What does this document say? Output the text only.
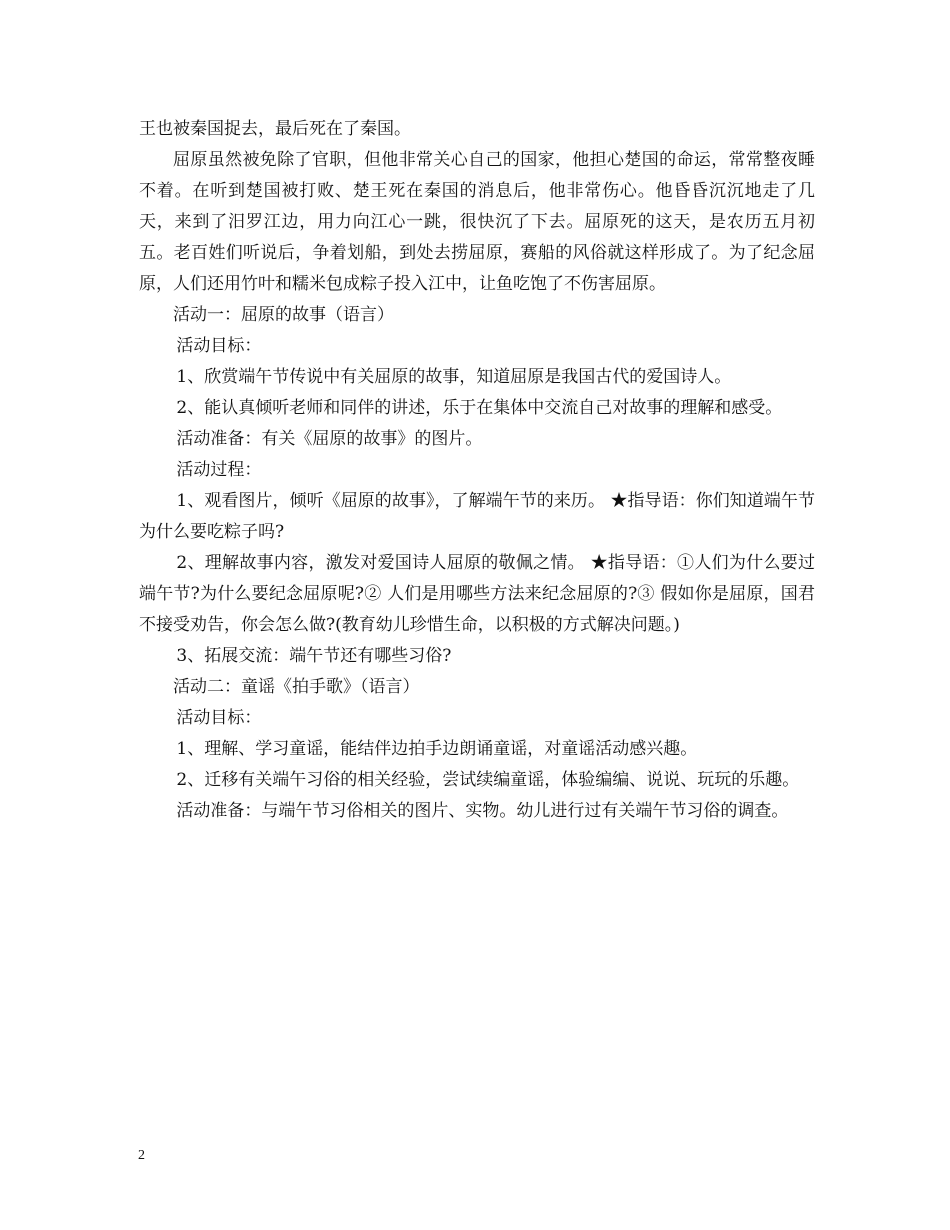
王也被秦国捉去，最后死在了秦国。

屈原虽然被免除了官职，但他非常关心自己的国家，他担心楚国的命运，常常整夜睡不着。在听到楚国被打败、楚王死在秦国的消息后，他非常伤心。他昏昏沉沉地走了几天，来到了汨罗江边，用力向江心一跳，很快沉了下去。屈原死的这天，是农历五月初五。老百姓们听说后，争着划船，到处去捞屈原，赛船的风俗就这样形成了。为了纪念屈原，人们还用竹叶和糯米包成粽子投入江中，让鱼吃饱了不伤害屈原。

活动一：屈原的故事（语言）

活动目标：

1、欣赏端午节传说中有关屈原的故事，知道屈原是我国古代的爱国诗人。

2、能认真倾听老师和同伴的讲述，乐于在集体中交流自己对故事的理解和感受。

活动准备：有关《屈原的故事》的图片。

活动过程：

1、观看图片，倾听《屈原的故事》，了解端午节的来历。 ★指导语：你们知道端午节为什么要吃粽子吗?

2、理解故事内容，激发对爱国诗人屈原的敬佩之情。 ★指导语：①人们为什么要过端午节?为什么要纪念屈原呢?② 人们是用哪些方法来纪念屈原的?③ 假如你是屈原，国君不接受劝告，你会怎么做?(教育幼儿珍惜生命，以积极的方式解决问题。)

3、拓展交流：端午节还有哪些习俗?

活动二：童谣《拍手歌》（语言）

活动目标：

1、理解、学习童谣，能结伴边拍手边朗诵童谣，对童谣活动感兴趣。

2、迁移有关端午习俗的相关经验，尝试续编童谣，体验编编、说说、玩玩的乐趣。

活动准备：与端午节习俗相关的图片、实物。幼儿进行过有关端午节习俗的调查。

2
